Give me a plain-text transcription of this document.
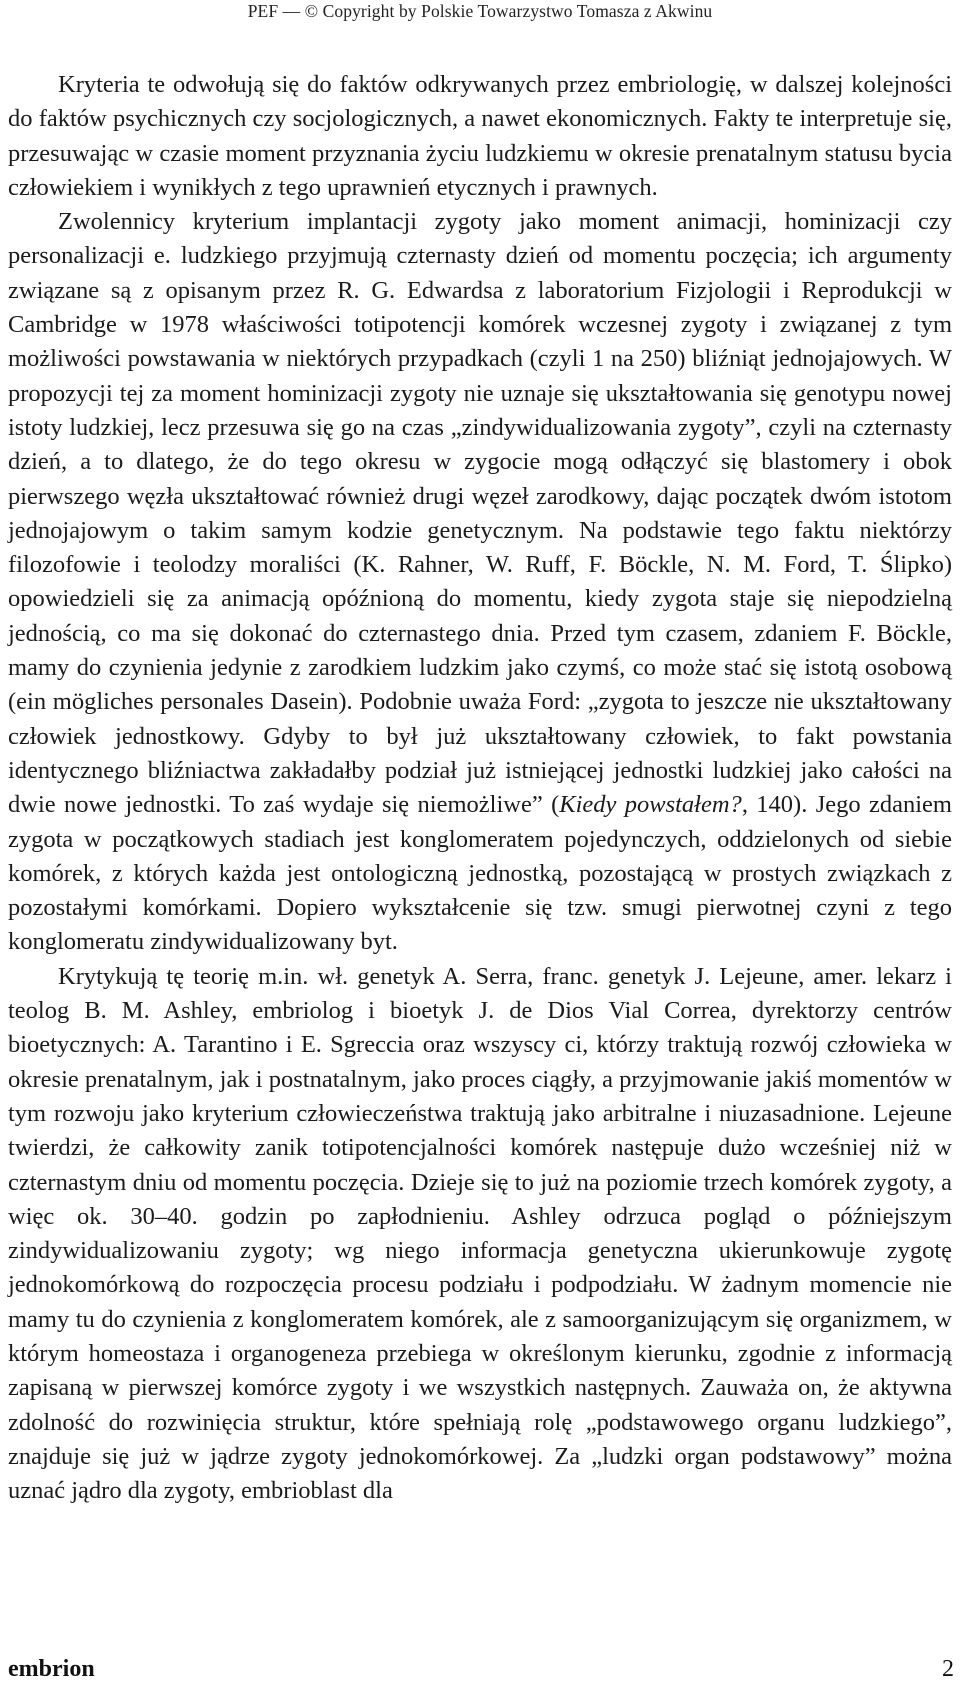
PEF — © Copyright by Polskie Towarzystwo Tomasza z Akwinu

Kryteria te odwołują się do faktów odkrywanych przez embriologię, w dalszej kolejności do faktów psychicznych czy socjologicznych, a nawet ekonomicznych. Fakty te interpretuje się, przesuwając w czasie moment przyznania życiu ludzkiemu w okresie prenatalnym statusu bycia człowiekiem i wynikłych z tego uprawnień etycznych i prawnych.

Zwolennicy kryterium implantacji zygoty jako moment animacji, hominizacji czy personalizacji e. ludzkiego przyjmują czternasty dzień od momentu poczęcia; ich argumenty związane są z opisanym przez R. G. Edwardsa z laboratorium Fizjologii i Reprodukcji w Cambridge w 1978 właściwości totipotencji komórek wczesnej zygoty i związanej z tym możliwości powstawania w niektórych przypadkach (czyli 1 na 250) bliźniąt jednojajowych. W propozycji tej za moment hominizacji zygoty nie uznaje się ukształtowania się genotypu nowej istoty ludzkiej, lecz przesuwa się go na czas „zindywidualizowania zygoty”, czyli na czternasty dzień, a to dlatego, że do tego okresu w zygocie mogą odłączyć się blastomery i obok pierwszego węzła ukształtować również drugi węzeł zarodkowy, dając początek dwóm istotom jednojajowym o takim samym kodzie genetycznym. Na podstawie tego faktu niektórzy filozofowie i teolodzy moraliści (K. Rahner, W. Ruff, F. Böckle, N. M. Ford, T. Ślipko) opowiedzieli się za animacją opóźnioną do momentu, kiedy zygota staje się niepodzielną jednością, co ma się dokonać do czternastego dnia. Przed tym czasem, zdaniem F. Böckle, mamy do czynienia jedynie z zarodkiem ludzkim jako czymś, co może stać się istotą osobową (ein mögliches personales Dasein). Podobnie uważa Ford: „zygota to jeszcze nie ukształtowany człowiek jednostkowy. Gdyby to był już ukształtowany człowiek, to fakt powstania identycznego bliźniactwa zakładałby podział już istniejącej jednostki ludzkiej jako całości na dwie nowe jednostki. To zaś wydaje się niemożliwe” (Kiedy powstałem?, 140). Jego zdaniem zygota w początkowych stadiach jest konglomeratem pojedynczych, oddzielonych od siebie komórek, z których każda jest ontologiczną jednostką, pozostającą w prostych związkach z pozostałymi komórkami. Dopiero wykształcenie się tzw. smugi pierwotnej czyni z tego konglomeratu zindywidualizowany byt.

Krytykują tę teorię m.in. wł. genetyk A. Serra, franc. genetyk J. Lejeune, amer. lekarz i teolog B. M. Ashley, embriolog i bioetyk J. de Dios Vial Correa, dyrektorzy centrów bioetycznych: A. Tarantino i E. Sgreccia oraz wszyscy ci, którzy traktują rozwój człowieka w okresie prenatalnym, jak i postnatalnym, jako proces ciągły, a przyjmowanie jakiś momentów w tym rozwoju jako kryterium człowieczeństwa traktują jako arbitralne i niuzasadnione. Lejeune twierdzi, że całkowity zanik totipotencjalności komórek następuje dużo wcześniej niż w czternastym dniu od momentu poczęcia. Dzieje się to już na poziomie trzech komórek zygoty, a więc ok. 30–40. godzin po zapłodnieniu. Ashley odrzuca pogląd o późniejszym zindywidualizowaniu zygoty; wg niego informacja genetyczna ukierunkowuje zygotę jednokomórkową do rozpoczęcia procesu podziału i podpodziału. W żadnym momencie nie mamy tu do czynienia z konglomeratem komórek, ale z samoorganizującym się organizmem, w którym homeostaza i organogeneza przebiega w określonym kierunku, zgodnie z informacją zapisaną w pierwszej komórce zygoty i we wszystkich następnych. Zauważa on, że aktywna zdolność do rozwinięcia struktur, które spełniają rolę „podstawowego organu ludzkiego”, znajduje się już w jądrze zygoty jednokomórkowej. Za „ludzki organ podstawowy” można uznać jądro dla zygoty, embrioblast dla

embrion	2
